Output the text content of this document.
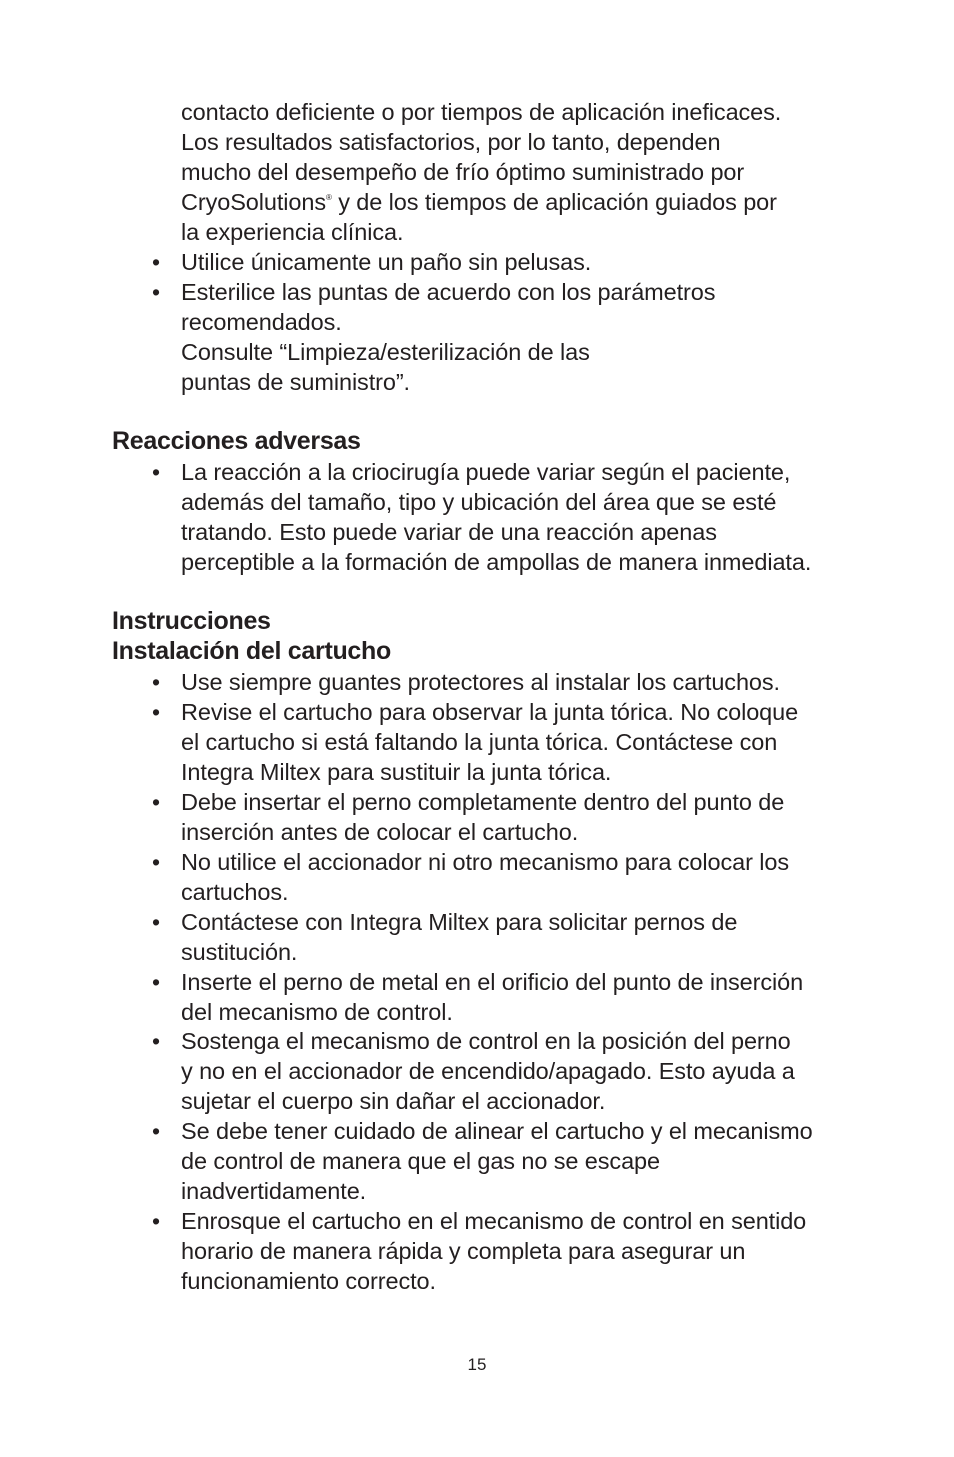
contacto deficiente o por tiempos de aplicación ineficaces.
Los resultados satisfactorios, por lo tanto, dependen
mucho del desempeño de frío óptimo suministrado por
CryoSolutions® y de los tiempos de aplicación guiados por
la experiencia clínica.
• Utilice únicamente un paño sin pelusas.
• Esterilice las puntas de acuerdo con los parámetros
recomendados.
Consulte “Limpieza/esterilización de las
puntas de suministro”.
Reacciones adversas
• La reacción a la criocirugía puede variar según el paciente,
además del tamaño, tipo y ubicación del área que se esté
tratando. Esto puede variar de una reacción apenas
perceptible a la formación de ampollas de manera inmediata.
Instrucciones
Instalación del cartucho
• Use siempre guantes protectores al instalar los cartuchos.
• Revise el cartucho para observar la junta tórica. No coloque
el cartucho si está faltando la junta tórica. Contáctese con
Integra Miltex para sustituir la junta tórica.
• Debe insertar el perno completamente dentro del punto de
inserción antes de colocar el cartucho.
• No utilice el accionador ni otro mecanismo para colocar los
cartuchos.
• Contáctese con Integra Miltex para solicitar pernos de
sustitución.
• Inserte el perno de metal en el orificio del punto de inserción
del mecanismo de control.
• Sostenga el mecanismo de control en la posición del perno
y no en el accionador de encendido/apagado. Esto ayuda a
sujetar el cuerpo sin dañar el accionador.
• Se debe tener cuidado de alinear el cartucho y el mecanismo
de control de manera que el gas no se escape
inadvertidamente.
• Enrosque el cartucho en el mecanismo de control en sentido
horario de manera rápida y completa para asegurar un
funcionamiento correcto.
15
